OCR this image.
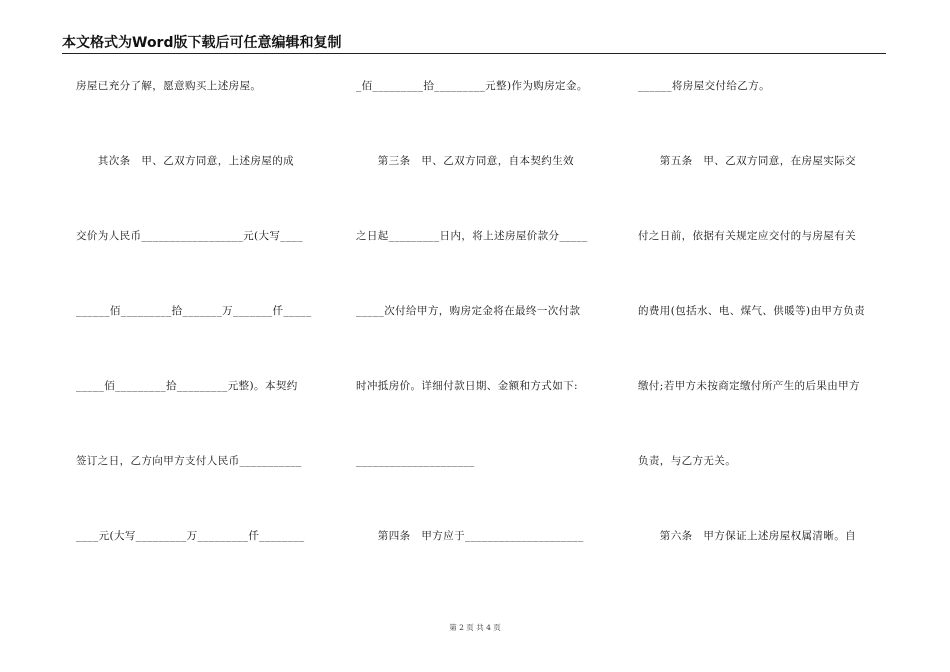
本文格式为Word版下载后可任意编辑和复制
房屋已充分了解，愿意购买上述房屋。
　　其次条　甲、乙双方同意，上述房屋的成
交价为人民币__________________元(大写____
______佰_________拾_______万_______仟_____
_____佰_________拾_________元整)。本契约
签订之日，乙方向甲方支付人民币___________
____元(大写_________万_________仟________
_佰_________拾_________元整)作为购房定金。
　　第三条　甲、乙双方同意，自本契约生效
之日起_________日内，将上述房屋价款分_____
_____次付给甲方，购房定金将在最终一次付款
时冲抵房价。详细付款日期、金额和方式如下:
_____________________
　　第四条　甲方应于_____________________
______将房屋交付给乙方。
　　第五条　甲、乙双方同意，在房屋实际交
付之日前，依据有关规定应交付的与房屋有关
的费用(包括水、电、煤气、供暖等)由甲方负责
缴付;若甲方未按商定缴付所产生的后果由甲方
负责，与乙方无关。
　　第六条　甲方保证上述房屋权属清晰。自
第 2 页 共 4 页
